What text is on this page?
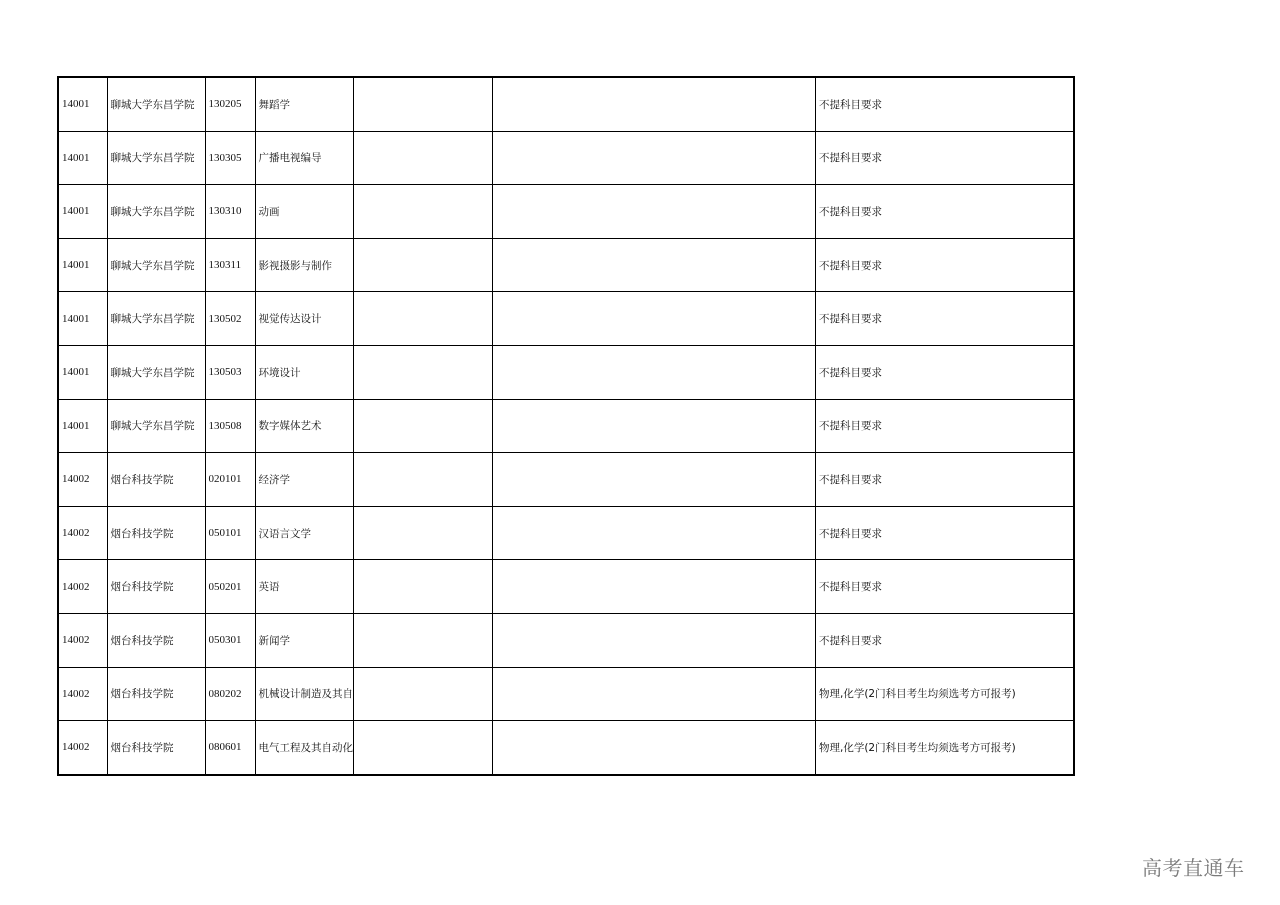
14001	聊城大学东昌学院	130205	舞蹈学			不提科目要求
14001	聊城大学东昌学院	130305	广播电视编导			不提科目要求
14001	聊城大学东昌学院	130310	动画			不提科目要求
14001	聊城大学东昌学院	130311	影视摄影与制作			不提科目要求
14001	聊城大学东昌学院	130502	视觉传达设计			不提科目要求
14001	聊城大学东昌学院	130503	环境设计			不提科目要求
14001	聊城大学东昌学院	130508	数字媒体艺术			不提科目要求
14002	烟台科技学院	020101	经济学			不提科目要求
14002	烟台科技学院	050101	汉语言文学			不提科目要求
14002	烟台科技学院	050201	英语			不提科目要求
14002	烟台科技学院	050301	新闻学			不提科目要求
14002	烟台科技学院	080202	机械设计制造及其自			物理,化学(2门科目考生均须选考方可报考)
14002	烟台科技学院	080601	电气工程及其自动化			物理,化学(2门科目考生均须选考方可报考)
高考直通车
